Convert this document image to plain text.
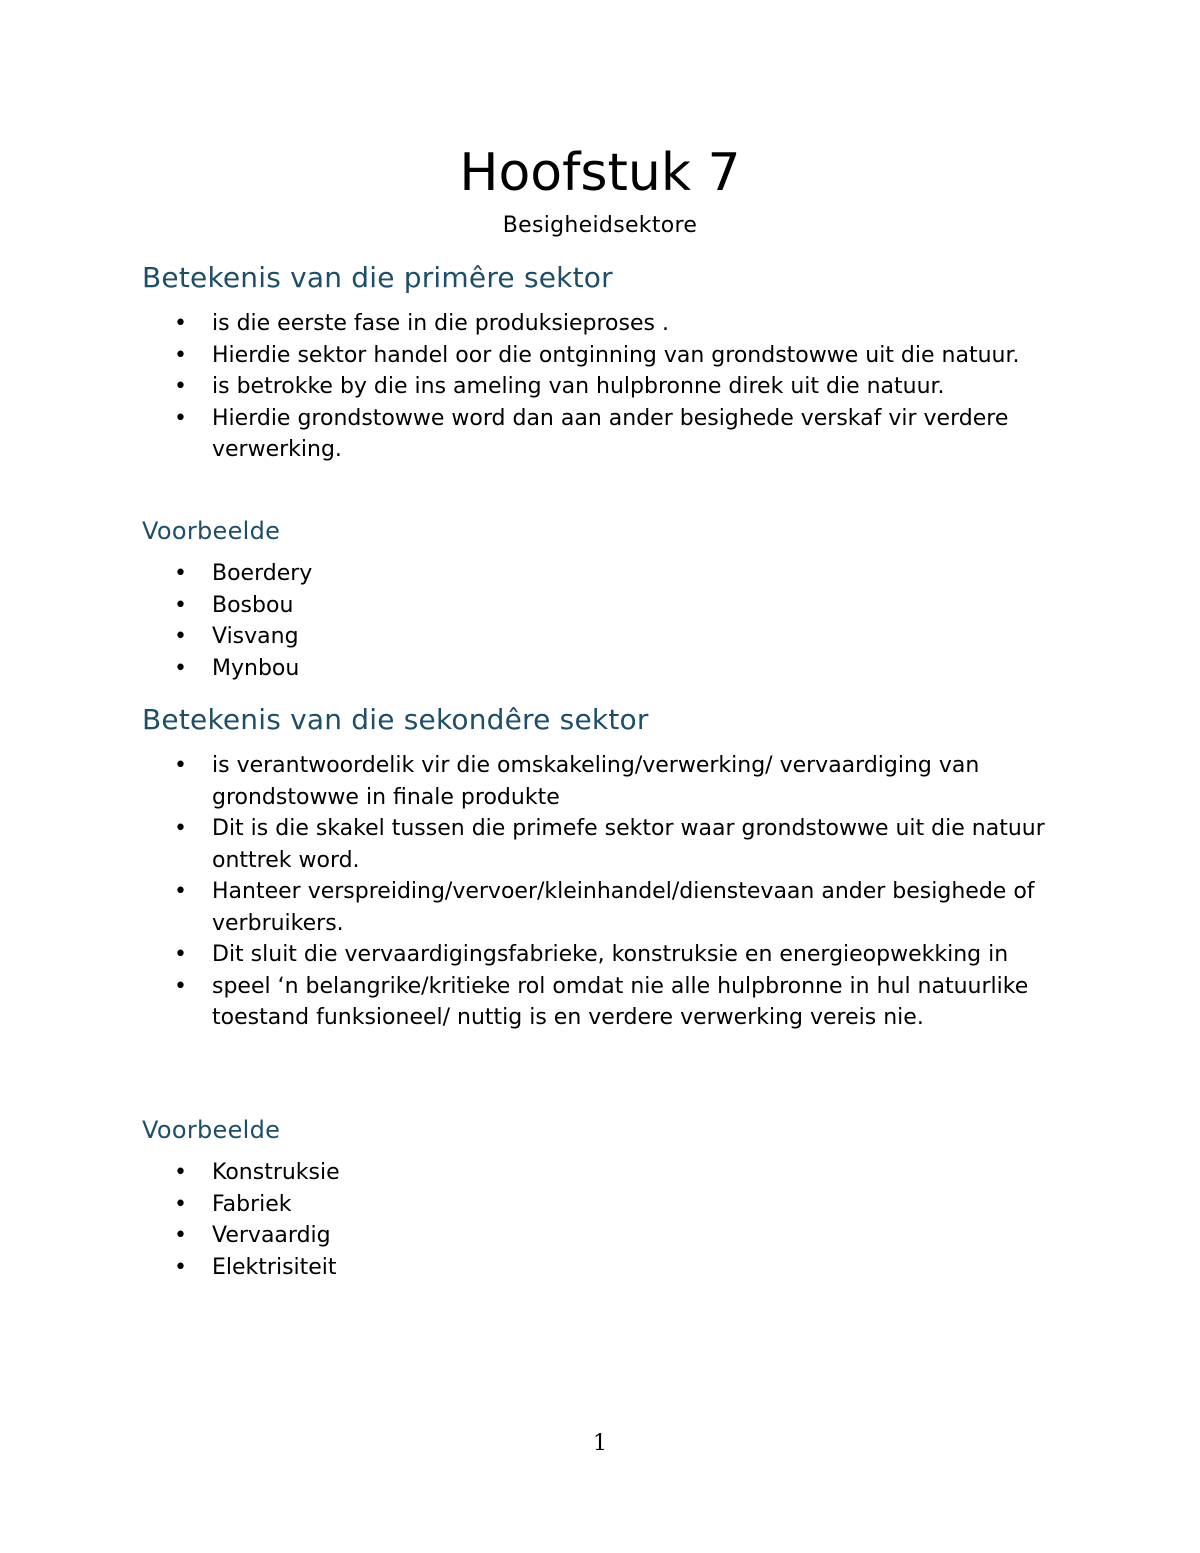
Hoofstuk 7
Besigheidsektore
Betekenis van die primêre sektor
• is die eerste fase in die produksieproses .
• Hierdie sektor handel oor die ontginning van grondstowwe uit die natuur.
• is betrokke by die ins ameling van hulpbronne direk uit die natuur.
• Hierdie grondstowwe word dan aan ander besighede verskaf vir verdere verwerking.
Voorbeelde
• Boerdery
• Bosbou
• Visvang
• Mynbou
Betekenis van die sekondêre sektor
• is verantwoordelik vir die omskakeling/verwerking/ vervaardiging van grondstowwe in finale produkte
• Dit is die skakel tussen die primefe sektor waar grondstowwe uit die natuur onttrek word.
• Hanteer verspreiding/vervoer/kleinhandel/dienstevaan ander besighede of verbruikers.
• Dit sluit die vervaardigingsfabrieke, konstruksie en energieopwekking in
• speel ‘n belangrike/kritieke rol omdat nie alle hulpbronne in hul natuurlike toestand funksioneel/ nuttig is en verdere verwerking vereis nie.
Voorbeelde
• Konstruksie
• Fabriek
• Vervaardig
• Elektrisiteit
1
